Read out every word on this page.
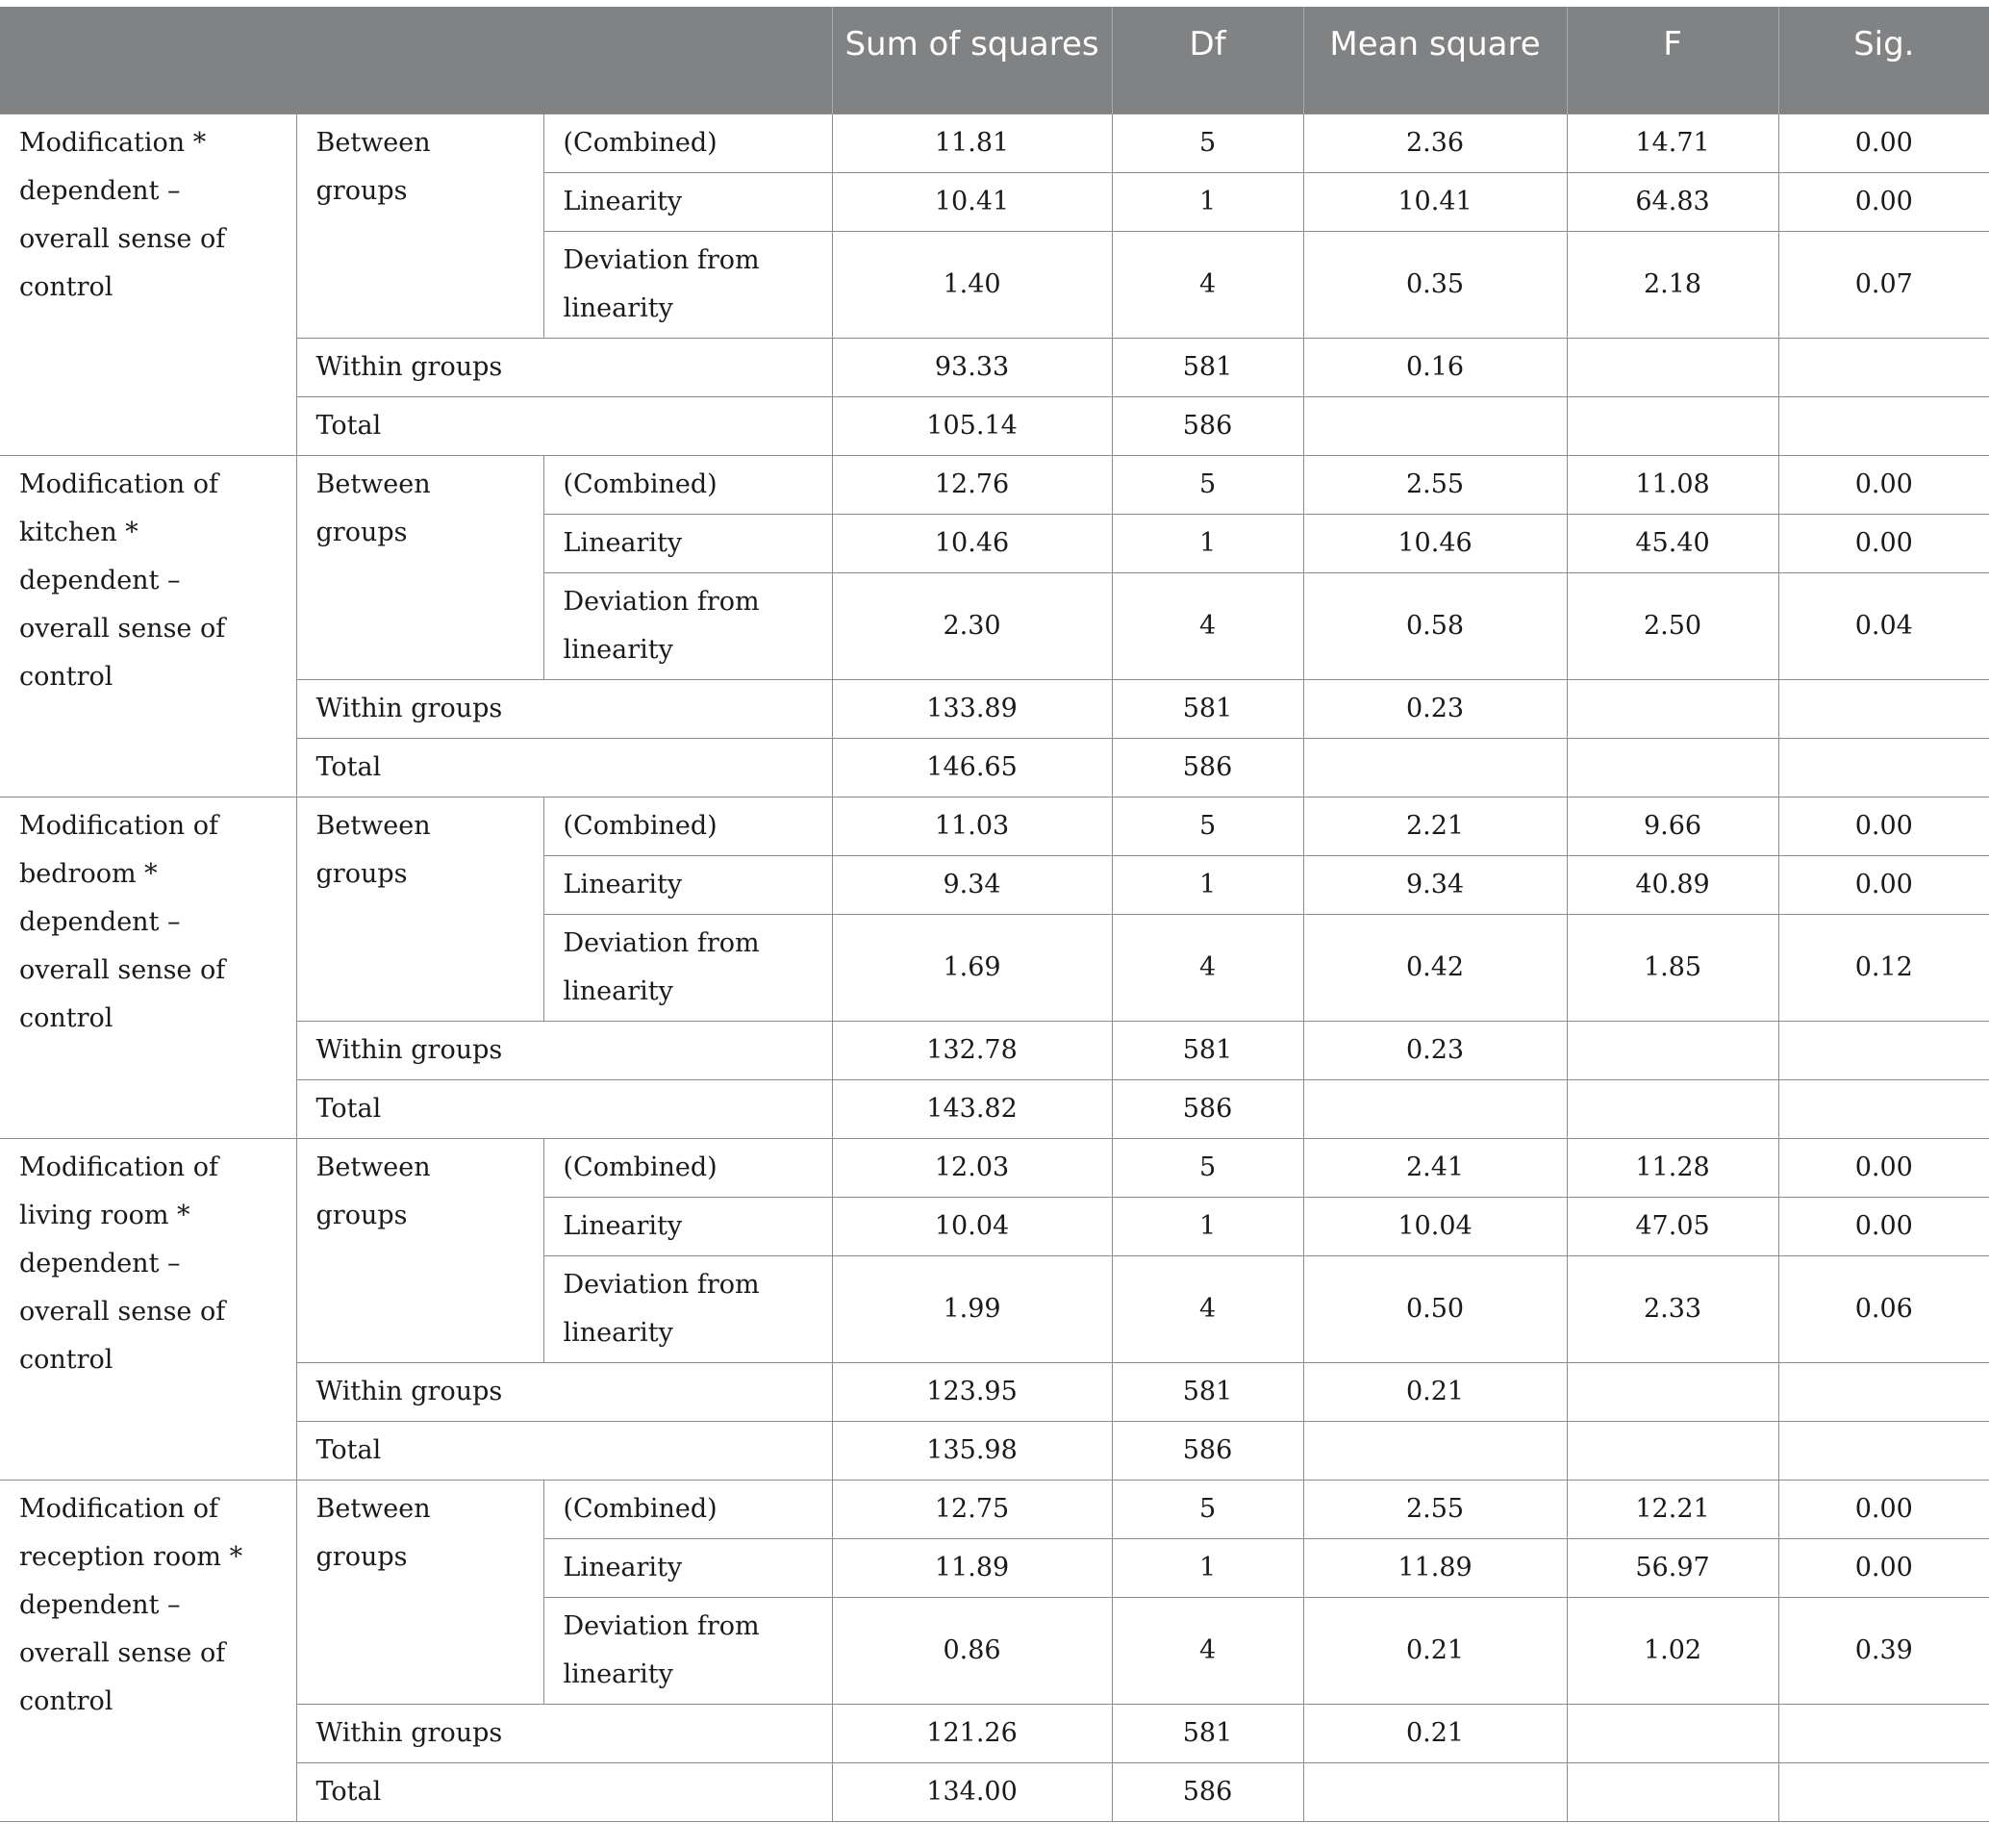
			Sum of squares	Df	Mean square	F	Sig.
Modification * dependent – overall sense of control	Between groups	(Combined)	11.81	5	2.36	14.71	0.00
		Linearity	10.41	1	10.41	64.83	0.00
		Deviation from linearity	1.40	4	0.35	2.18	0.07
	Within groups		93.33	581	0.16		
	Total		105.14	586			
Modification of kitchen * dependent – overall sense of control	Between groups	(Combined)	12.76	5	2.55	11.08	0.00
		Linearity	10.46	1	10.46	45.40	0.00
		Deviation from linearity	2.30	4	0.58	2.50	0.04
	Within groups		133.89	581	0.23		
	Total		146.65	586			
Modification of bedroom * dependent – overall sense of control	Between groups	(Combined)	11.03	5	2.21	9.66	0.00
		Linearity	9.34	1	9.34	40.89	0.00
		Deviation from linearity	1.69	4	0.42	1.85	0.12
	Within groups		132.78	581	0.23		
	Total		143.82	586			
Modification of living room * dependent – overall sense of control	Between groups	(Combined)	12.03	5	2.41	11.28	0.00
		Linearity	10.04	1	10.04	47.05	0.00
		Deviation from linearity	1.99	4	0.50	2.33	0.06
	Within groups		123.95	581	0.21		
	Total		135.98	586			
Modification of reception room * dependent – overall sense of control	Between groups	(Combined)	12.75	5	2.55	12.21	0.00
		Linearity	11.89	1	11.89	56.97	0.00
		Deviation from linearity	0.86	4	0.21	1.02	0.39
	Within groups		121.26	581	0.21		
	Total		134.00	586			
